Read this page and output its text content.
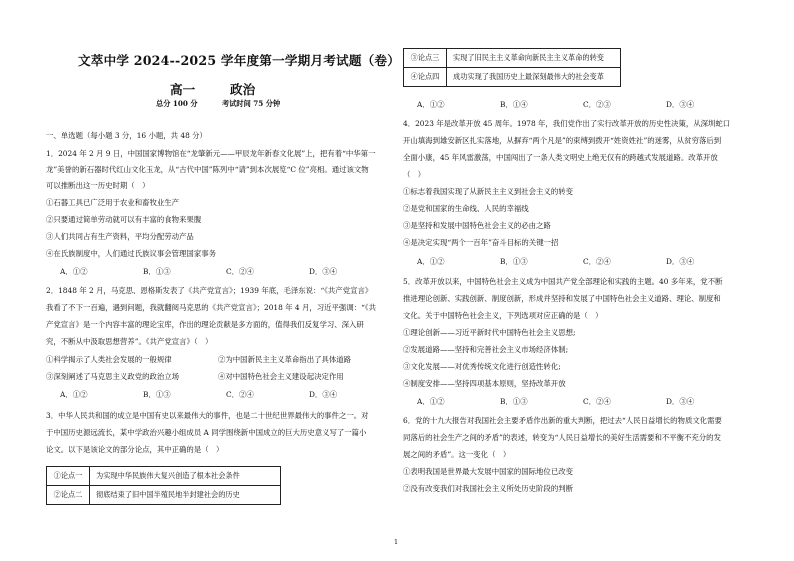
文萃中学 2024--2025 学年度第一学期月考试题（卷）
高一	政治
总分 100 分	考试时间 75 分钟
一、单选题（每小题 3 分，16 小题，共 48 分）
1．2024 年 2 月 9 日，中国国家博物馆在“龙肇新元——甲辰龙年新春文化展”上，把有着“中华第一
龙”美誉的新石器时代红山文化玉龙，从“古代中国”陈列中“请”到本次展览“C 位”亮相。通过该文物
可以推断出这一历史时期（　）
①石器工具已广泛用于农业和畜牧业生产
②只要通过简单劳动就可以有丰富的食物来果腹
③人们共同占有生产资料，平均分配劳动产品
④在氏族制度中，人们通过氏族议事会管理国家事务
A．①②	B．①③	C．②④	D．③④
2．1848 年 2 月，马克思、恩格斯发表了《共产党宣言》；1939 年底，毛泽东说：“《共产党宣言》
我看了不下一百遍，遇到问题，我就翻阅马克思的《共产党宣言》；2018 年 4 月，习近平强调：“《共
产党宣言》是一个内容丰富的理论宝库，作出的理论贡献是多方面的，值得我们反复学习、深入研
究，不断从中汲取思想营养”。《共产党宣言》（　）
①科学揭示了人类社会发展的一般规律	②为中国新民主主义革命指出了具体道路
③深刻阐述了马克思主义政党的政治立场	④对中国特色社会主义建设起决定作用
A．①②	B．①③	C．②④	D．③④
3．中华人民共和国的成立是中国有史以来最伟大的事件，也是二十世纪世界最伟大的事件之一。对
于中国历史源远流长，某中学政治兴趣小组成员 A 同学围绕新中国成立的巨大历史意义写了一篇小
论文。以下是该论文的部分论点，其中正确的是（　）
①论点一	为实现中华民族伟大复兴创造了根本社会条件
②论点二	彻底结束了旧中国半殖民地半封建社会的历史
③论点三	实现了旧民主主义革命向新民主主义革命的转变
④论点四	成功实现了我国历史上最深刻最伟大的社会变革
A．①②	B．①④	C．②③	D．③④
4．2023 年是改革开放 45 周年。1978 年，我们党作出了实行改革开放的历史性决策，从深圳蛇口
开山填海到雄安新区扎实落地，从摒弃“两个凡是”的束缚到拨开“姓资姓社”的迷雾，从贫穷落后到
全面小康，45 年风雷激荡，中国闯出了一条人类文明史上绝无仅有的跨越式发展道路。改革开放
（　）
①标志着我国实现了从新民主主义到社会主义的转变
②是党和国家的生命线、人民的幸福线
③是坚持和发展中国特色社会主义的必由之路
④是决定实现“两个一百年”奋斗目标的关键一招
A．①②	B．①③	C．②④	D．③④
5．改革开放以来，中国特色社会主义成为中国共产党全部理论和实践的主题。40 多年来，党不断
推进理论创新、实践创新、制度创新，形成并坚持和发展了中国特色社会主义道路、理论、制度和
文化。关于中国特色社会主义，下列选项对应正确的是（　）
①理论创新——习近平新时代中国特色社会主义思想;
②发展道路——坚持和完善社会主义市场经济体制;
③文化发展——对优秀传统文化进行创造性转化;
④制度安排——坚持四项基本原则，坚持改革开放
A．①②	B．①③	C．②④	D．③④
6．党的十九大报告对我国社会主要矛盾作出新的重大判断，把过去“人民日益增长的物质文化需要
同落后的社会生产之间的矛盾”的表述，转变为“人民日益增长的美好生活需要和不平衡不充分的发
展之间的矛盾”。这一变化（　）
①表明我国是世界最大发展中国家的国际地位已改变
②没有改变我们对我国社会主义所处历史阶段的判断
1
